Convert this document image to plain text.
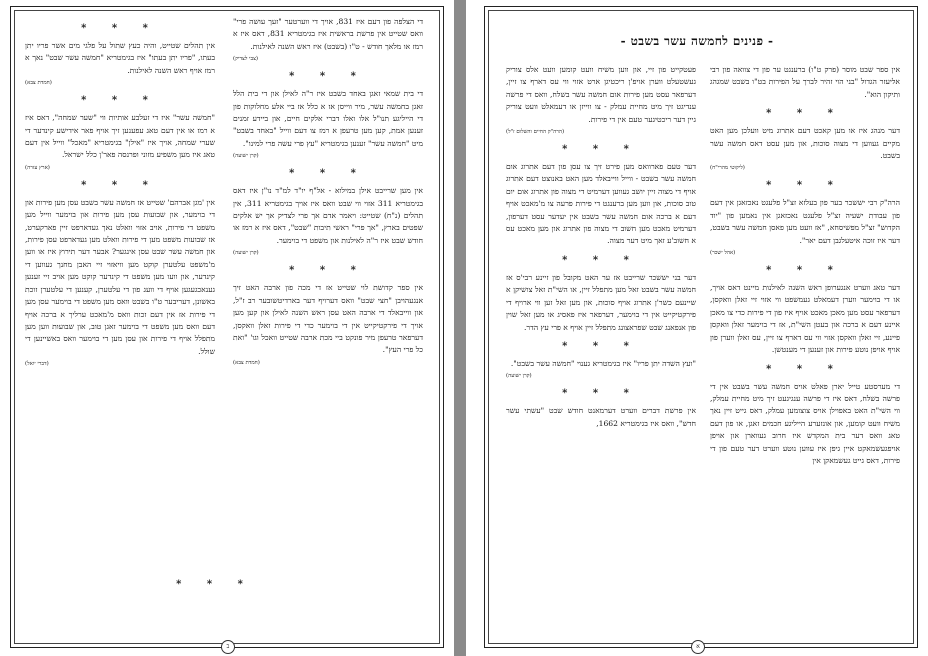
די הצלפה פון דעם איז 831, אויך די ווערטער "זעך עושה פרי" וואס שטייט אין פרשת בראשית איז בגימטריא 831, דאס איז א רמז או מלאך חודש - ט"ו (בשבט) איז ראש השנה לאילנות.

(צבי לצדיק)
* * *

די בית שמאי זאגן באחד בשבט איז ר"ה לאילן און די בית הלל זאגן בחמשה עשר, מיר ווייסן אז א כלל אז ביי אלע מחלוקות פון די הייליגע תנו"ל אלו ואלו דברי אלקים חיים, און ביידע זמנים זענען אמת, קען מען טרעפן א רמז צו דעם ווייל "באחד בשבט" מיט "חמשה עשר" זענען בגימטריא "עץ פרי עשה פרי למינו".

(קרן ישועה)
* * *

אין מען שרייבט אילן במילוא - אל"ף יו"ד למ"ד נו"ן איז דאס בגימטריא 311 אזוי ווי שבט וואס איז אויך בגימטריא 311, אין תהלים (נ"ח) שטייט: ויאמר אדם אך פרי לצדיק אך יש אלקים שפטים בארץ, "אך פרי" ראשי תיבות "שבט", דאס איז א רמז או חודש שבט איז ר"ה לאילנות און משפט די בוימער.

(קרן ישועה)
* * *

אין ספר קדושת לוי שטייט אז די מכה פון ארבה האט זיך אנגעהויבן "חצי שבט" וואס דערויף דער בארדיטשובער רב ז"ל, און ווייבאלד די ארבה האט עסן ראש השנה לאילן און קען מען אויך די פירקטיקייט אין די בוימער כדי די פירות זאלן וואקסן, דערפאר טרעפן מיר פונקט ביי מכת ארבה שטייט וואכל וגו' "ואת כל פרי העץ".

(חמדת צבא)
* * *

אין תהלים שטייט, והיה כעץ שתול על פלגי מים אשר פריו יתן בעתו, "פריו יתן בעתו" איז בגימטריא "חמשה עשר שבט" נאך א רמז אויף ראש השנה לאילנות.

(חמדת צבא)
* * *

"חמשה עשר" איז די זעלבע אותיות ווי "שער שמחה", דאס איז א רמז או אין דעם טאג עפענען זיך אויף פאר אידישע קינדער די שערי שמחה, אויך איז "אילן" בגימטריא "מאכל" ווייל אין דעם טאג איז מען משפיע מזוני ופרנסה פאר'ן כלל ישראל.

(ארץ עזרה)
* * *

אין 'מגן אברהם' שטייט אז חמשה עשר בשבט עסן מען פירות און די בוימער, און שבועות עסן מען פירות און בוימער ווייל מען משפט די פירות, אויב אזוי וואלט נאך געדארפט זיין פארקערט, אז שבועות משפט מען די פירות וואלט מען געדארפט עסן פירות, און חמשה עשר שבט עסן אינגער? אבער דער תירוץ איז או ווען מ'משפט עלטערן קוקט מען וויאזוי זיי האבן מחנך געווען די קינדער, און וועו מען משפט די קינדער קוקט מען אויב זיי זענען גענאכגעגען אויף די וועג פון די עלטערן, קענען די עלטערן זוכת באשונן, דעריבער ט"ו בשבט וואס מען משפט די בוימער עסן מען די פירות אז אין דעם זכות וואס מ'מאכט ערליך א ברכה אויף דעם וואס מען משפט די בוימער זאגן טוב, און שבועות ווען מען מתפלל אויף די פירות און עסן מען די בוימער וואס באשיינען די שולל.

(דברי יואל)
* * *
ב
- פנינים לחמשה עשר בשבט -

אין ספר שבט מוסר (פרק ט"ו) ברענגט ער פון די צוואה פון רבי אליעזר הגדול "בני הוי זהיר לברך על הפירות בט"ו בשבט שמגהג ותיקון הוא".

* * *

דער מנהג איז או מען קאכט דעם אתרוג מיט וועלכן מען האט מקיים געווען די מצוה סוכות, און מען עסט דאס חמשה עשר בשבט.

(ליקוטי מהרי"ח)
* * *

הרה"ק רבי יששכר בער פון בעלזא זצ"ל פלעגט נאכזאגן אין דעם פון עבודת ישעיה זצ"ל פלעגט נאכזאגן אין נאמען פון "יוד הקדוש" זצ"ל מפשיסחא, "אז וועט מען פאסן חמשה עשר בשבט, דער איז זוכה איטעלגבן דעם יאר".

(אהל ישכר)
* * *

דער טאג ווערט אנגערופן ראש השנה לאילנות מיינט דאס אויך, או די בוימער ווערן דעמאלט געמשפט ווי אזוי זיי זאלן וואקסן, דערפאר עסט מען מאכן מאכט אויף איז פון די פירות כדי צו מאכן איינע דעם א ברכה און בעטן השי"ת, אז די בוימער זאלן וואקסן פיינע, זיי זאלן וואקסן אזוי ווי עס דארף צו זיין, עס זאלן ווערן פון אויף אויפן נוטע פירות און זענען די מענטשן.

* * *

די מערסטע טייל יארן פאלט אויס חמשה עשר בשבט אין די פרשה בשלח, דאס איז די פרשה ענגיגעט זיך מיט מחיית עמלק, ווי השי"ת האט באפוילן אויס צוצומען עמלק, דאס גייט זיין נאך משיח וועט קומען, און אונזערע הייליגע חכמים זאגן, או פון דעם טאג וואס דער בית המקדש איז חרוב געווארן און אויפן אויפגעשמאקט איין גיפן איז עווען נוטע ווערט דער טעם פון די פירות, דאס גייט געשמאקן אין

פעטקייט פון זיי, און ווען משיח וועט קומען וועט אלס צוריק געשטעלט ווערן אויפ'ן ריכטיגן ארט אזוי ווי עס דארף צו זיין, דערפאר עסט מען פירות אום חמשה עשר בשלח, וואס די פרשה ענדיגט זיך מיט מחיית עמלק - צו ווייזן או דעמאלט וועט צוריק גיין דער ריכטיגער טעם אין די פירות.

(הרה"ק החיים והשלום ז"ל)
* * *

דער טעם פארוואס מען פירט זיך צו עסן פון דעם אתרוג אום חמשה עשר בשבט - ווייל ווייבאלד מען האט באנוצט דעם אתרוג אויף די מצוה זיין יושב געווען דערמיט די מצוה פון אתרוג אום יום טוב סוכות, און ווען מען ברענגט די פירות פרעה צו מ'מאכט אויף דעם א ברכה אום חמשה עשר בשבט אין יעדער עסט דערפון, דערמיט מאכט מען חשוב די מצוה פון אתרוג און מען מאכט עס א חשוב'ע זאך מיט דער מצוה.

* * *

דער בני יששכר שרייבט אז ער האט מקובל פון זיינע רבי'ס אז חמשה עשר בשבט זאל מען מתפלל זיין, או השי"ת זאל צושיקן א שיינעם כשר'ן אתרוג אויף סוכות, און מען זאל זען ווי ארויף די פירקטיקייט אין די בוימער, דערפאר איז פאסיג או מען זאל שוין פון אנפאנג שבט שפראצונג מתפלל זיין אויף א פרי עץ הדר.

* * *

"ועץ השדה יתן פריו" איז בגימטריא גענוי "חמשה עשר בשבט".

(קרן ישועה)
* * *

אין פרשת דברים ווערט דערמאנט חודש שבט "עשתי עשר חדש", וואס איז בגימטריא 1662,

א
